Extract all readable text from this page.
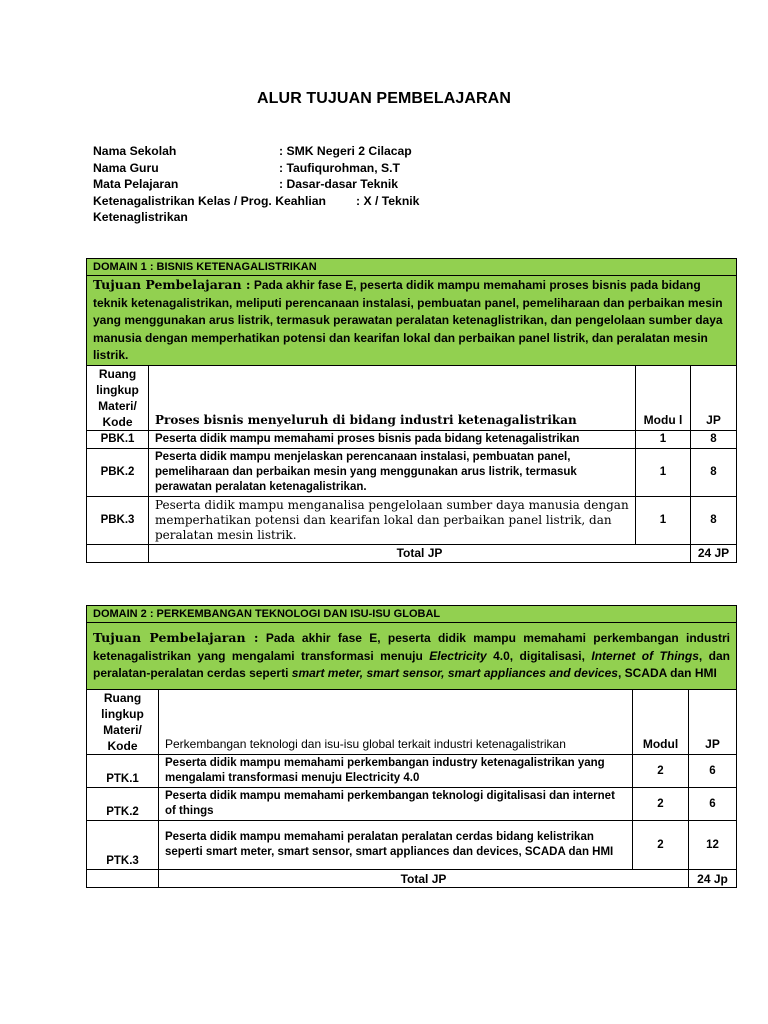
ALUR TUJUAN PEMBELAJARAN
Nama Sekolah	: SMK Negeri 2 Cilacap
Nama Guru	: Taufiqurohman, S.T
Mata Pelajaran	: Dasar-dasar Teknik
Ketenagalistrikan Kelas / Prog. Keahlian : X / Teknik
Ketenaglistrikan
DOMAIN 1 : BISNIS KETENAGALISTRIKAN			
Tujuan Pembelajaran : Pada akhir fase E, peserta didik mampu memahami proses bisnis pada bidang teknik ketenagalistrikan, meliputi perencanaan instalasi, pembuatan panel, pemeliharaan dan perbaikan mesin yang menggunakan arus listrik, termasuk perawatan peralatan ketenaglistrikan, dan pengelolaan sumber daya manusia dengan memperhatikan potensi dan kearifan lokal dan perbaikan panel listrik, dan peralatan mesin listrik.			
Ruang lingkup Materi/ Kode	Proses bisnis menyeluruh di bidang industri ketenagalistrikan	Modu l	JP
PBK.1	Peserta didik mampu memahami proses bisnis pada bidang ketenagalistrikan	1	8
PBK.2	Peserta didik mampu menjelaskan perencanaan instalasi, pembuatan panel, pemeliharaan dan perbaikan mesin yang menggunakan arus listrik, termasuk perawatan peralatan ketenagalistrikan.	1	8
PBK.3	Peserta didik mampu menganalisa pengelolaan sumber daya manusia dengan memperhatikan potensi dan kearifan lokal dan perbaikan panel listrik, dan peralatan mesin listrik.	1	8
	Total JP		24 JP
DOMAIN 2 : PERKEMBANGAN TEKNOLOGI DAN ISU-ISU GLOBAL			
Tujuan Pembelajaran : Pada akhir fase E, peserta didik mampu memahami perkembangan industri ketenagalistrikan yang mengalami transformasi menuju Electricity 4.0, digitalisasi, Internet of Things, dan peralatan-peralatan cerdas seperti smart meter, smart sensor, smart appliances and devices, SCADA dan HMI			
Ruang lingkup Materi/ Kode	Perkembangan teknologi dan isu-isu global terkait industri ketenagalistrikan	Modul	JP
PTK.1	Peserta didik mampu memahami perkembangan industry ketenagalistrikan yang mengalami transformasi menuju Electricity 4.0	2	6
PTK.2	Peserta didik mampu memahami perkembangan teknologi digitalisasi dan internet of things	2	6
PTK.3	Peserta didik mampu memahami peralatan peralatan cerdas bidang kelistrikan seperti smart meter, smart sensor, smart appliances dan devices, SCADA dan HMI	2	12
	Total JP		24 Jp
